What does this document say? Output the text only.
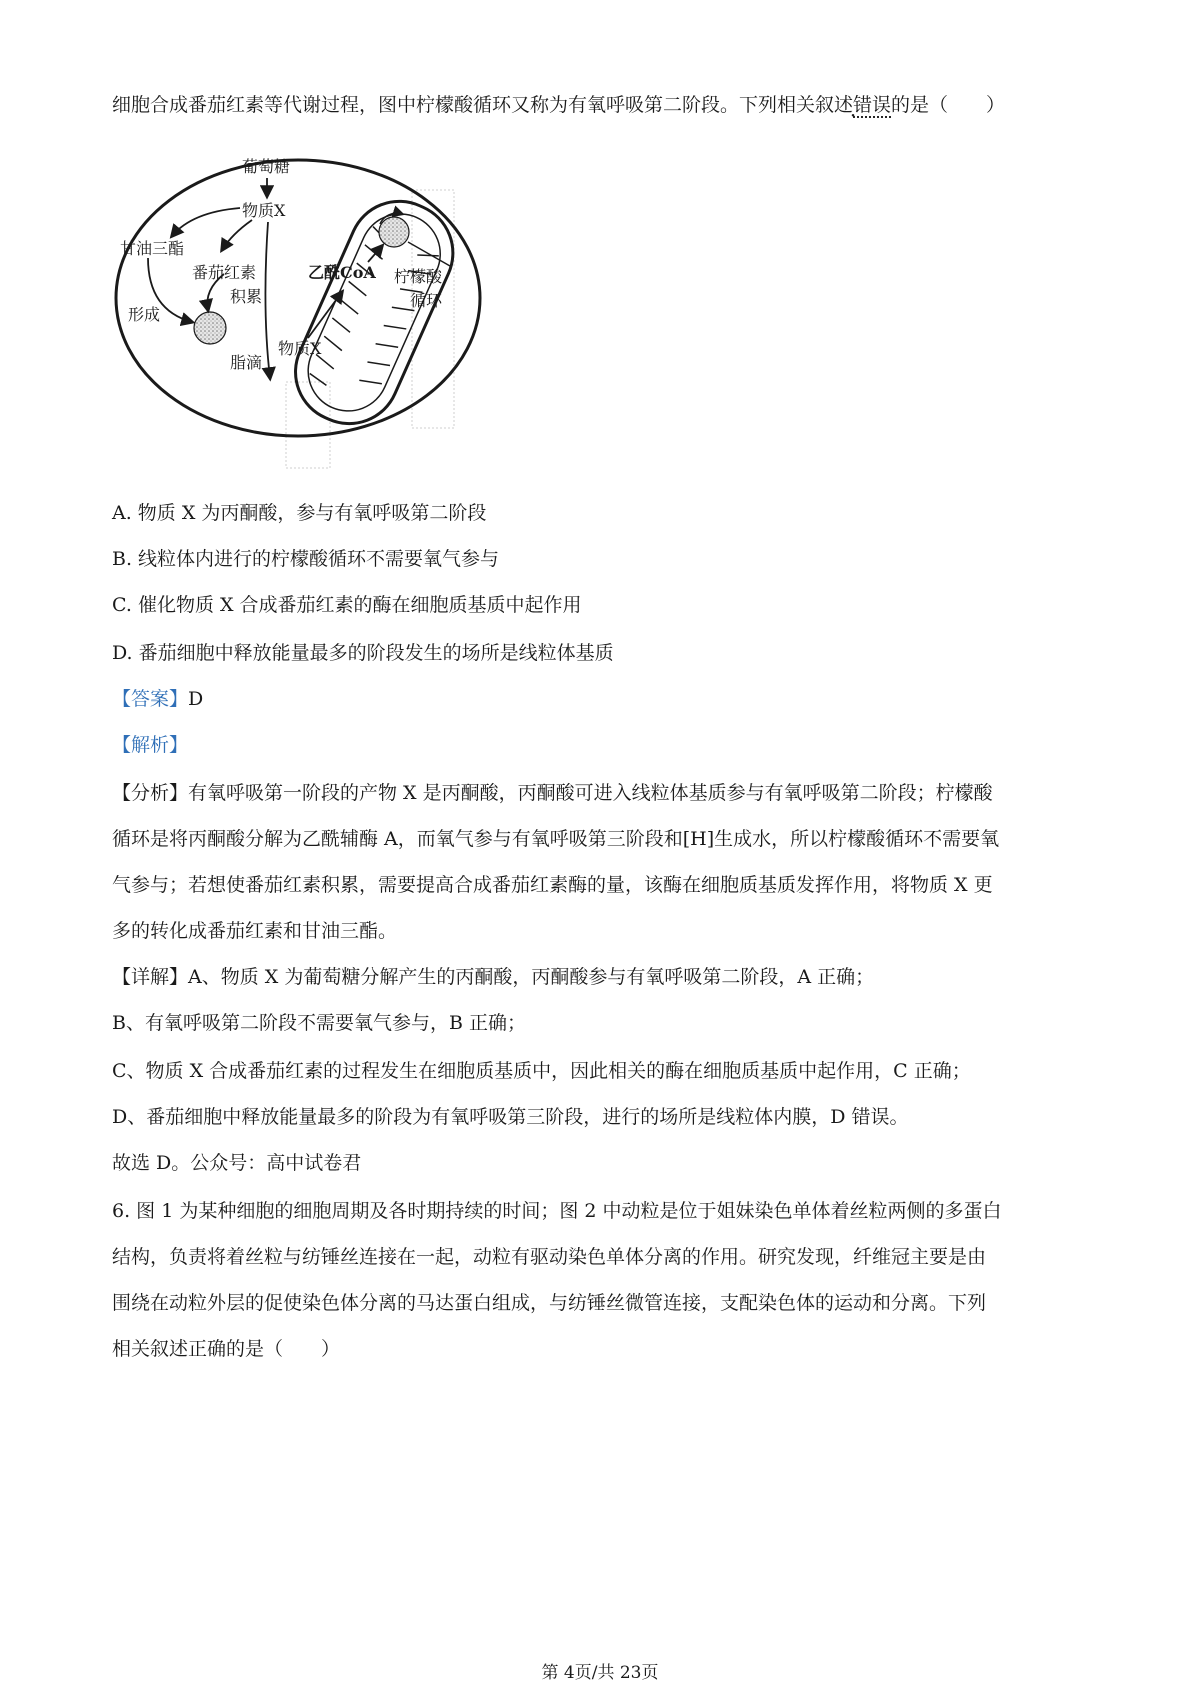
细胞合成番茄红素等代谢过程，图中柠檬酸循环又称为有氧呼吸第二阶段。下列相关叙述错误的是（　　）
葡萄糖
物质X
甘油三酯
番茄红素
积累
形成
脂滴
乙酰CoA
物质X
柠檬酸
循环
A. 物质 X 为丙酮酸，参与有氧呼吸第二阶段
B. 线粒体内进行的柠檬酸循环不需要氧气参与
C. 催化物质 X 合成番茄红素的酶在细胞质基质中起作用
D. 番茄细胞中释放能量最多的阶段发生的场所是线粒体基质
【答案】D
【解析】
【分析】有氧呼吸第一阶段的产物 X 是丙酮酸，丙酮酸可进入线粒体基质参与有氧呼吸第二阶段；柠檬酸
循环是将丙酮酸分解为乙酰辅酶 A，而氧气参与有氧呼吸第三阶段和[H]生成水，所以柠檬酸循环不需要氧
气参与；若想使番茄红素积累，需要提高合成番茄红素酶的量，该酶在细胞质基质发挥作用，将物质 X 更
多的转化成番茄红素和甘油三酯。
【详解】A、物质 X 为葡萄糖分解产生的丙酮酸，丙酮酸参与有氧呼吸第二阶段，A 正确；
B、有氧呼吸第二阶段不需要氧气参与，B 正确；
C、物质 X 合成番茄红素的过程发生在细胞质基质中，因此相关的酶在细胞质基质中起作用，C 正确；
D、番茄细胞中释放能量最多的阶段为有氧呼吸第三阶段，进行的场所是线粒体内膜，D 错误。
故选 D。公众号：高中试卷君
6. 图 1 为某种细胞的细胞周期及各时期持续的时间；图 2 中动粒是位于姐妹染色单体着丝粒两侧的多蛋白
结构，负责将着丝粒与纺锤丝连接在一起，动粒有驱动染色单体分离的作用。研究发现，纤维冠主要是由
围绕在动粒外层的促使染色体分离的马达蛋白组成，与纺锤丝微管连接，支配染色体的运动和分离。下列
相关叙述正确的是（　　）
第 4页/共 23页
